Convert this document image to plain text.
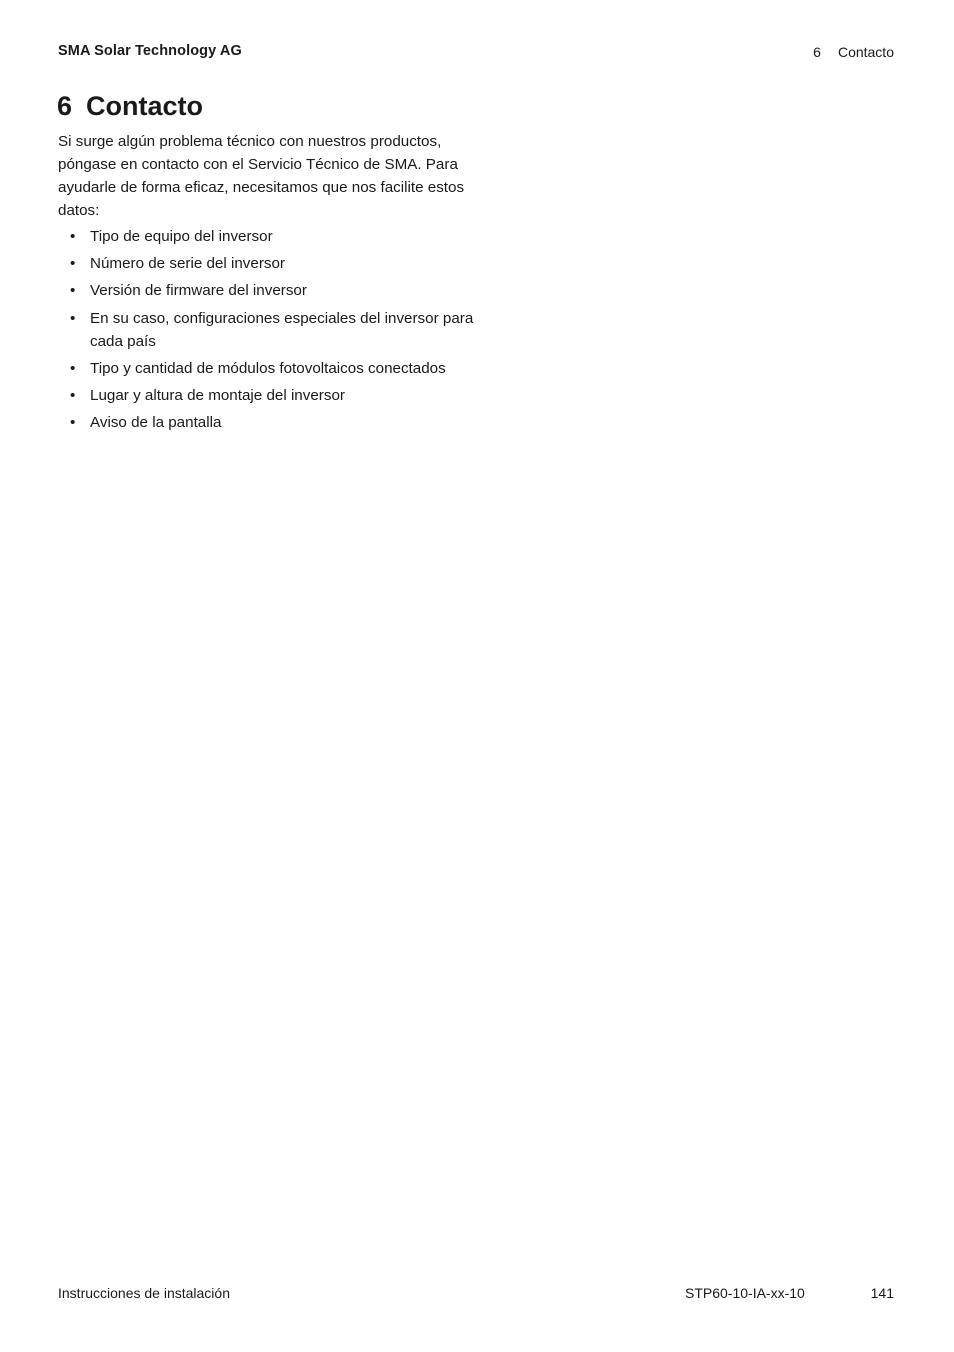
SMA Solar Technology AG	6 Contacto
6 Contacto

Si surge algún problema técnico con nuestros productos, póngase en contacto con el Servicio Técnico de SMA. Para ayudarle de forma eficaz, necesitamos que nos facilite estos datos:

• Tipo de equipo del inversor
• Número de serie del inversor
• Versión de firmware del inversor
• En su caso, configuraciones especiales del inversor para cada país
• Tipo y cantidad de módulos fotovoltaicos conectados
• Lugar y altura de montaje del inversor
• Aviso de la pantalla
Instrucciones de instalación	STP60-10-IA-xx-10	141
